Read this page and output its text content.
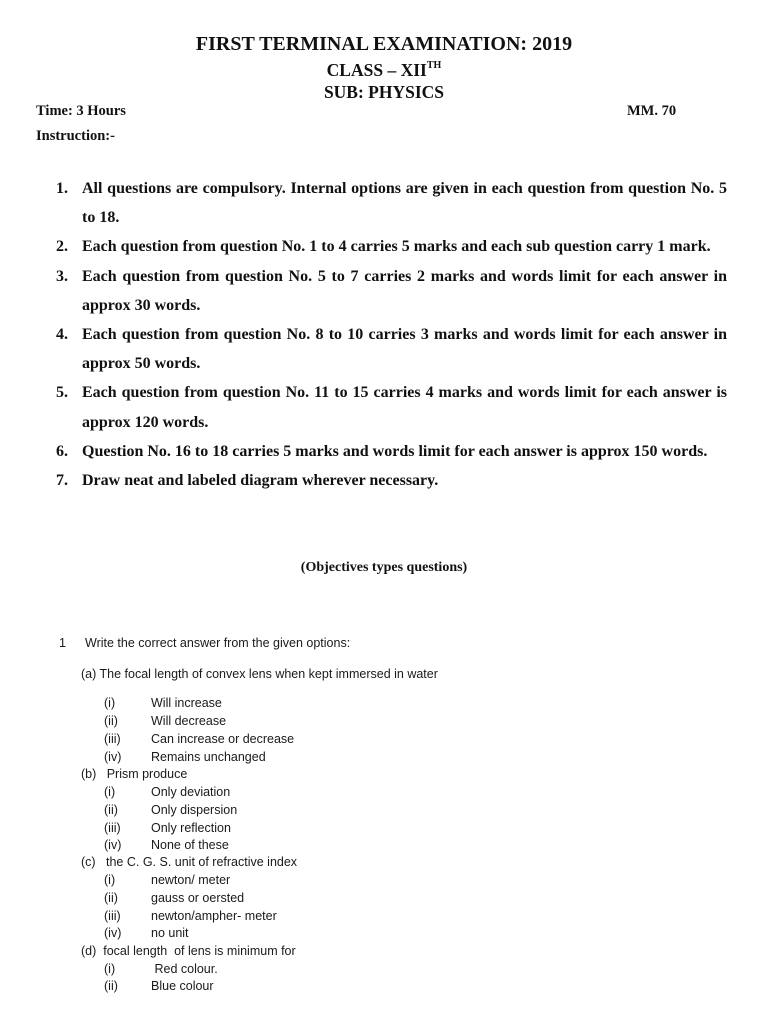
FIRST TERMINAL EXAMINATION: 2019
CLASS – XIITH
SUB: PHYSICS
Time: 3 Hours	MM. 70
Instruction:-
1. All questions are compulsory. Internal options are given in each question from question No. 5 to 18.
2. Each question from question No. 1 to 4 carries 5 marks and each sub question carry 1 mark.
3. Each question from question No. 5 to 7 carries 2 marks and words limit for each answer in approx 30 words.
4. Each question from question No. 8 to 10 carries 3 marks and words limit for each answer in approx 50 words.
5. Each question from question No. 11 to 15 carries 4 marks and words limit for each answer is approx 120 words.
6. Question No. 16 to 18 carries 5 marks and words limit for each answer is approx 150 words.
7. Draw neat and labeled diagram wherever necessary.
(Objectives types questions)
1 Write the correct answer from the given options:
(a) The focal length of convex lens when kept immersed in water
(i)	Will increase
(ii)	Will decrease
(iii) Can increase or decrease
(iv) Remains unchanged
(b)   Prism produce
(i)	Only deviation
(ii)	Only dispersion
(iii) Only reflection
(iv) None of these
(c)   the C. G. S. unit of refractive index
(i)	newton/ meter
(ii)	gauss or oersted
(iii) newton/ampher- meter
(iv) no unit
(d)  focal length  of lens is minimum for
(i)	Red colour.
(ii)	Blue colour
